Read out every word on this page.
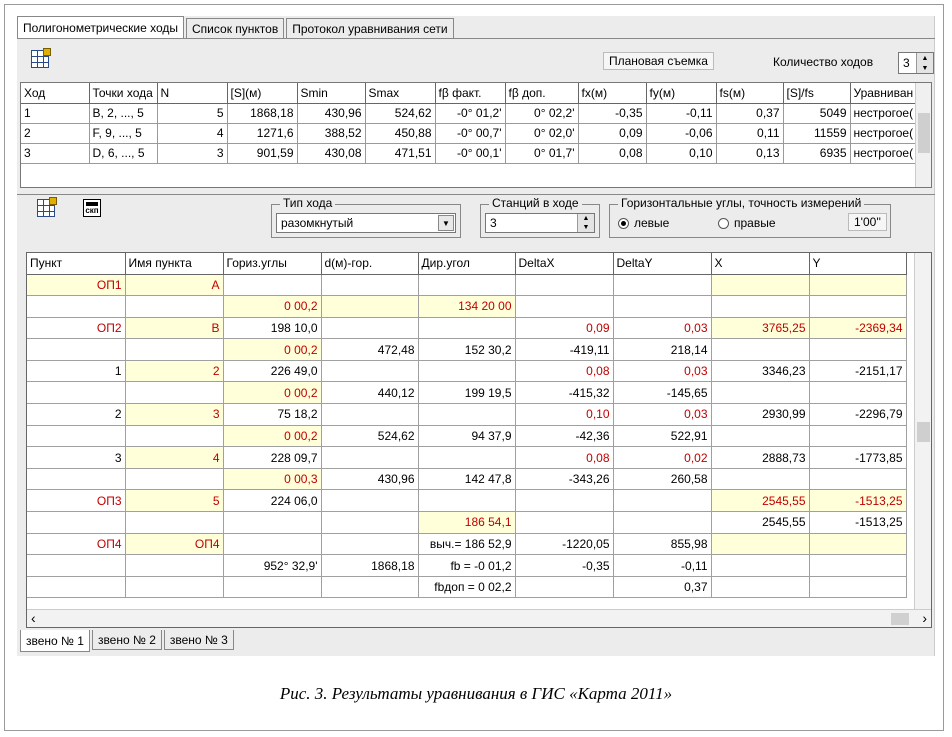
Полигонометрические ходы	Список пунктов	Протокол уравнивания сети
Плановая съемка	Количество ходов 3 ▲
▼
Ход	Точки хода	N	[S](м)	Smin	Smax	fβ факт.	fβ доп.	fx(м)	fy(м)	fs(м)	[S]/fs	Уравниван
1	B, 2, ..., 5	5	1868,18	430,96	524,62	-0° 01,2'	0° 02,2'	-0,35	-0,11	0,37	5049	нестрогое(
2	F, 9, ..., 5	4	1271,6	388,52	450,88	-0° 00,7'	0° 02,0'	0,09	-0,06	0,11	11559	нестрогое(
3	D, 6, ..., 5	3	901,59	430,08	471,51	-0° 00,1'	0° 01,7'	0,08	0,10	0,13	6935	нестрогое(
скп
Тип хода
разомкнутый	▼
Станций в ходе
3	▲
▼
Горизонтальные углы, точность измерений
левые	правые	1'00''
Пункт	Имя пункта	Гориз.углы	d(м)-гор.	Дир.угол	DeltaX	DeltaY	X	Y
ОП1	A							
		0 00,2		134 20 00				
ОП2	B	198 10,0			0,09	0,03	3765,25	-2369,34
		0 00,2	472,48	152 30,2	-419,11	218,14		
1	2	226 49,0			0,08	0,03	3346,23	-2151,17
		0 00,2	440,12	199 19,5	-415,32	-145,65		
2	3	75 18,2			0,10	0,03	2930,99	-2296,79
		0 00,2	524,62	94 37,9	-42,36	522,91		
3	4	228 09,7			0,08	0,02	2888,73	-1773,85
		0 00,3	430,96	142 47,8	-343,26	260,58		
ОП3	5	224 06,0					2545,55	-1513,25
				186 54,1			2545,55	-1513,25
ОП4	ОП4			выч.= 186 52,9	-1220,05	855,98		
		952° 32,9'	1868,18	fb = -0 01,2	-0,35	-0,11		
				fbдоп = 0 02,2		0,37		
‹	›
звено № 1	звено № 2	звено № 3
Рис. 3. Результаты уравнивания в ГИС «Карта 2011»
